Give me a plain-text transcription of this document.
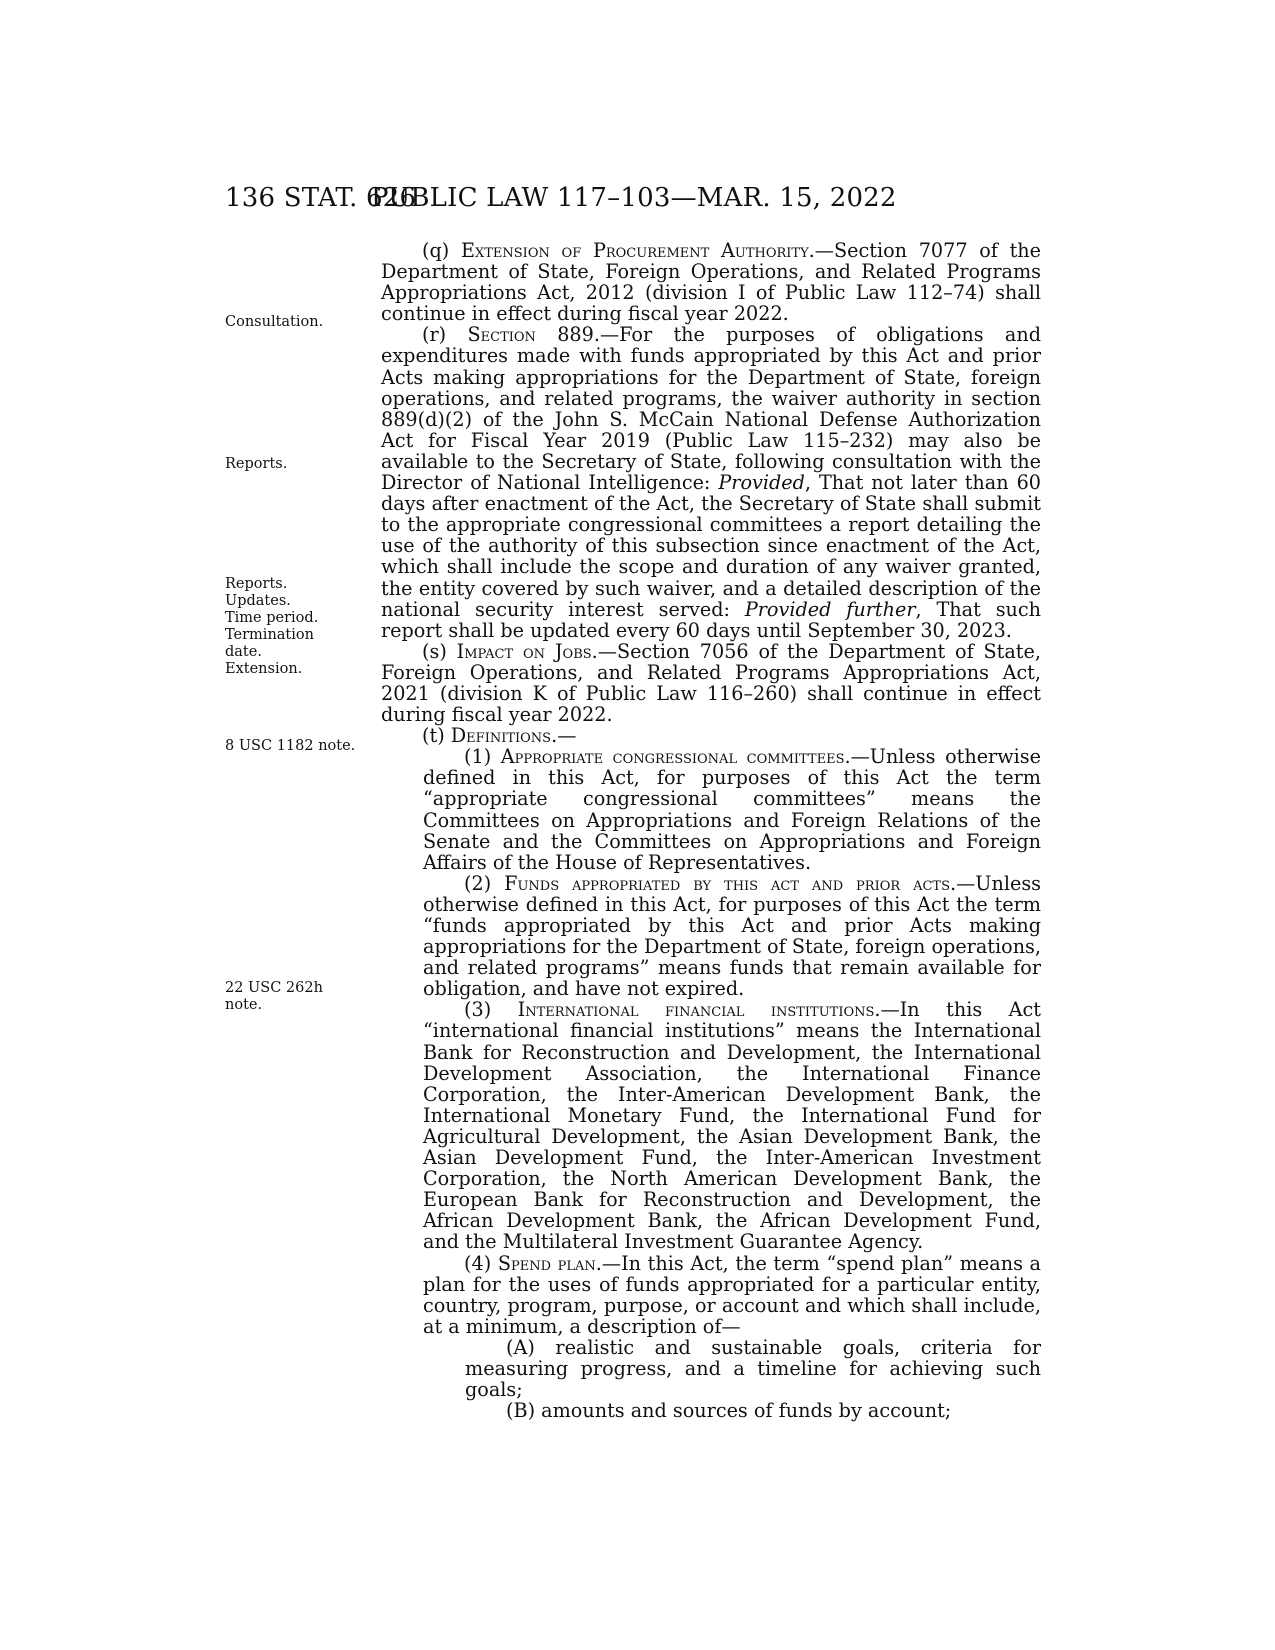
136 STAT. 626
PUBLIC LAW 117–103—MAR. 15, 2022
Consultation.
Reports.
Reports.
Updates.
Time period.
Termination
date.
Extension.
8 USC 1182 note.
22 USC 262h
note.

(q) Extension of Procurement Authority.—Section 7077 of the Department of State, Foreign Operations, and Related Programs Appropriations Act, 2012 (division I of Public Law 112–74) shall continue in effect during fiscal year 2022.

(r) Section 889.—For the purposes of obligations and expenditures made with funds appropriated by this Act and prior Acts making appropriations for the Department of State, foreign operations, and related programs, the waiver authority in section 889(d)(2) of the John S. McCain National Defense Authorization Act for Fiscal Year 2019 (Public Law 115–232) may also be available to the Secretary of State, following consultation with the Director of National Intelligence: Provided, That not later than 60 days after enactment of the Act, the Secretary of State shall submit to the appropriate congressional committees a report detailing the use of the authority of this subsection since enactment of the Act, which shall include the scope and duration of any waiver granted, the entity covered by such waiver, and a detailed description of the national security interest served: Provided further, That such report shall be updated every 60 days until September 30, 2023.

(s) Impact on Jobs.—Section 7056 of the Department of State, Foreign Operations, and Related Programs Appropriations Act, 2021 (division K of Public Law 116–260) shall continue in effect during fiscal year 2022.

(t) Definitions.—

(1) Appropriate congressional committees.—Unless otherwise defined in this Act, for purposes of this Act the term “appropriate congressional committees” means the Committees on Appropriations and Foreign Relations of the Senate and the Committees on Appropriations and Foreign Affairs of the House of Representatives.

(2) Funds appropriated by this act and prior acts.—Unless otherwise defined in this Act, for purposes of this Act the term “funds appropriated by this Act and prior Acts making appropriations for the Department of State, foreign operations, and related programs” means funds that remain available for obligation, and have not expired.

(3) International financial institutions.—In this Act “international financial institutions” means the International Bank for Reconstruction and Development, the International Development Association, the International Finance Corporation, the Inter-American Development Bank, the International Monetary Fund, the International Fund for Agricultural Development, the Asian Development Bank, the Asian Development Fund, the Inter-American Investment Corporation, the North American Development Bank, the European Bank for Reconstruction and Development, the African Development Bank, the African Development Fund, and the Multilateral Investment Guarantee Agency.

(4) Spend plan.—In this Act, the term “spend plan” means a plan for the uses of funds appropriated for a particular entity, country, program, purpose, or account and which shall include, at a minimum, a description of—

(A) realistic and sustainable goals, criteria for measuring progress, and a timeline for achieving such goals;

(B) amounts and sources of funds by account;
